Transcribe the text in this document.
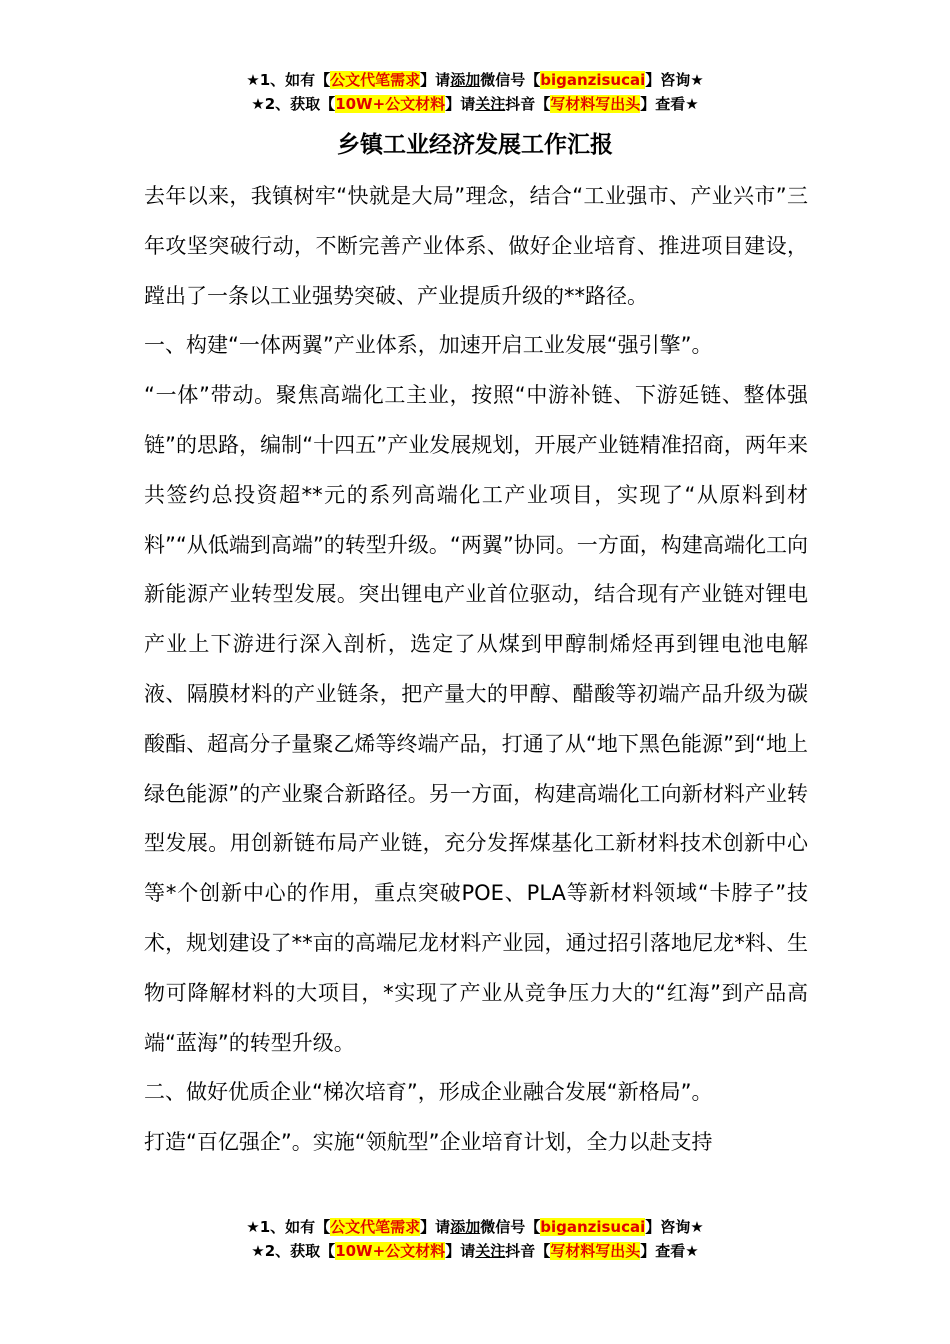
★1、如有【公文代笔需求】请添加微信号【biganzisucai】咨询★
★2、获取【10W+公文材料】请关注抖音【写材料写出头】查看★
乡镇工业经济发展工作汇报

去年以来，我镇树牢“快就是大局”理念，结合“工业强市、产业兴市”三年攻坚突破行动，不断完善产业体系、做好企业培育、推进项目建设，蹚出了一条以工业强势突破、产业提质升级的**路径。

一、构建“一体两翼”产业体系，加速开启工业发展“强引擎”。

“一体”带动。聚焦高端化工主业，按照“中游补链、下游延链、整体强链”的思路，编制“十四五”产业发展规划，开展产业链精准招商，两年来共签约总投资超**元的系列高端化工产业项目，实现了“从原料到材料”“从低端到高端”的转型升级。“两翼”协同。一方面，构建高端化工向新能源产业转型发展。突出锂电产业首位驱动，结合现有产业链对锂电产业上下游进行深入剖析，选定了从煤到甲醇制烯烃再到锂电池电解液、隔膜材料的产业链条，把产量大的甲醇、醋酸等初端产品升级为碳酸酯、超高分子量聚乙烯等终端产品，打通了从“地下黑色能源”到“地上绿色能源”的产业聚合新路径。另一方面，构建高端化工向新材料产业转型发展。用创新链布局产业链，充分发挥煤基化工新材料技术创新中心等*个创新中心的作用，重点突破POE、PLA等新材料领域“卡脖子”技术，规划建设了**亩的高端尼龙材料产业园，通过招引落地尼龙*料、生物可降解材料的大项目，*实现了产业从竞争压力大的“红海”到产品高端“蓝海”的转型升级。

二、做好优质企业“梯次培育”，形成企业融合发展“新格局”。

打造“百亿强企”。实施“领航型”企业培育计划，全力以赴支持

★1、如有【公文代笔需求】请添加微信号【biganzisucai】咨询★
★2、获取【10W+公文材料】请关注抖音【写材料写出头】查看★
